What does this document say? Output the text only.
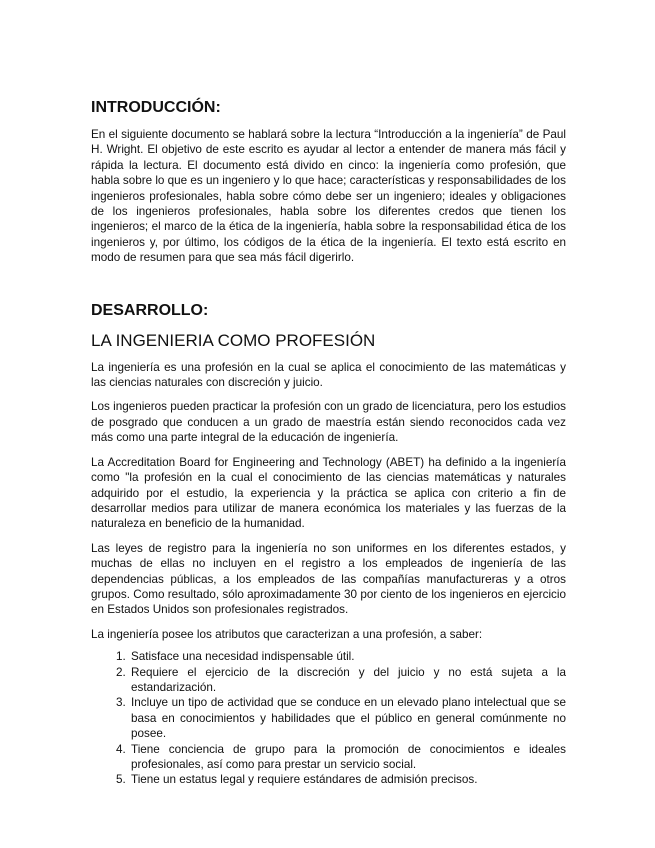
INTRODUCCIÓN:

En el siguiente documento se hablará sobre la lectura “Introducción a la ingeniería” de Paul H. Wright. El objetivo de este escrito es ayudar al lector a entender de manera más fácil y rápida la lectura. El documento está divido en cinco: la ingeniería como profesión, que habla sobre lo que es un ingeniero y lo que hace; características y responsabilidades de los ingenieros profesionales, habla sobre cómo debe ser un ingeniero; ideales y obligaciones de los ingenieros profesionales, habla sobre los diferentes credos que tienen los ingenieros; el marco de la ética de la ingeniería, habla sobre la responsabilidad ética de los ingenieros y, por último, los códigos de la ética de la ingeniería. El texto está escrito en modo de resumen para que sea más fácil digerirlo.

DESARROLLO:
LA INGENIERIA COMO PROFESIÓN

La ingeniería es una profesión en la cual se aplica el conocimiento de las matemáticas y las ciencias naturales con discreción y juicio.

Los ingenieros pueden practicar la profesión con un grado de licenciatura, pero los estudios de posgrado que conducen a un grado de maestría están siendo reconocidos cada vez más como una parte integral de la educación de ingeniería.

La Accreditation Board for Engineering and Technology (ABET) ha definido a la ingeniería como "la profesión en la cual el conocimiento de las ciencias matemáticas y naturales adquirido por el estudio, la experiencia y la práctica se aplica con criterio a fin de desarrollar medios para utilizar de manera económica los materiales y las fuerzas de la naturaleza en beneficio de la humanidad.

Las leyes de registro para la ingeniería no son uniformes en los diferentes estados, y muchas de ellas no incluyen en el registro a los empleados de ingeniería de las dependencias públicas, a los empleados de las compañías manufactureras y a otros grupos. Como resultado, sólo aproximadamente 30 por ciento de los ingenieros en ejercicio en Estados Unidos son profesionales registrados.

La ingeniería posee los atributos que caracterizan a una profesión, a saber:

1. Satisface una necesidad indispensable útil.
2. Requiere el ejercicio de la discreción y del juicio y no está sujeta a la estandarización.
3. Incluye un tipo de actividad que se conduce en un elevado plano intelectual que se basa en conocimientos y habilidades que el público en general comúnmente no posee.
4. Tiene conciencia de grupo para la promoción de conocimientos e ideales profesionales, así como para prestar un servicio social.
5. Tiene un estatus legal y requiere estándares de admisión precisos.
